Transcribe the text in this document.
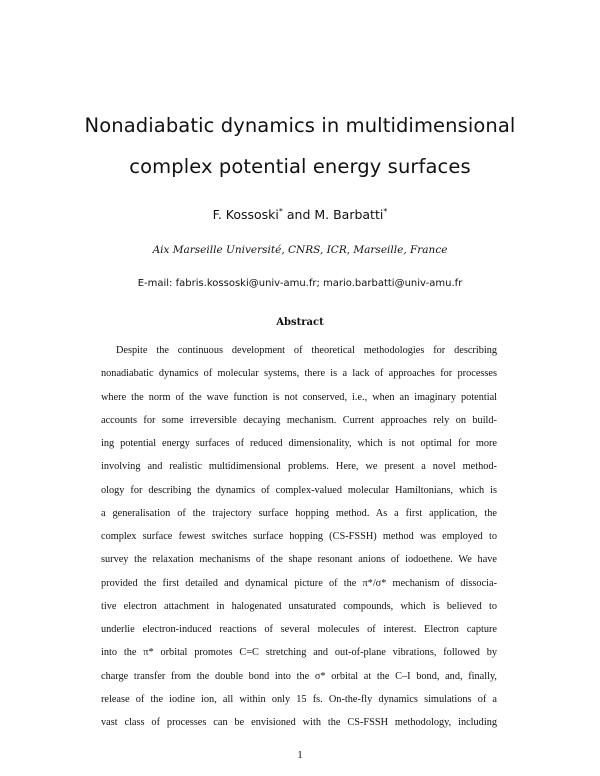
Nonadiabatic dynamics in multidimensional
complex potential energy surfaces
F. Kossoski* and M. Barbatti*
Aix Marseille Université, CNRS, ICR, Marseille, France
E-mail: fabris.kossoski@univ-amu.fr; mario.barbatti@univ-amu.fr
Abstract
Despite the continuous development of theoretical methodologies for describing
nonadiabatic dynamics of molecular systems, there is a lack of approaches for processes
where the norm of the wave function is not conserved, i.e., when an imaginary potential
accounts for some irreversible decaying mechanism. Current approaches rely on build-
ing potential energy surfaces of reduced dimensionality, which is not optimal for more
involving and realistic multidimensional problems. Here, we present a novel method-
ology for describing the dynamics of complex-valued molecular Hamiltonians, which is
a generalisation of the trajectory surface hopping method. As a first application, the
complex surface fewest switches surface hopping (CS-FSSH) method was employed to
survey the relaxation mechanisms of the shape resonant anions of iodoethene. We have
provided the first detailed and dynamical picture of the π*/σ* mechanism of dissocia-
tive electron attachment in halogenated unsaturated compounds, which is believed to
underlie electron-induced reactions of several molecules of interest. Electron capture
into the π* orbital promotes C=C stretching and out-of-plane vibrations, followed by
charge transfer from the double bond into the σ* orbital at the C–I bond, and, finally,
release of the iodine ion, all within only 15 fs. On-the-fly dynamics simulations of a
vast class of processes can be envisioned with the CS-FSSH methodology, including
1
